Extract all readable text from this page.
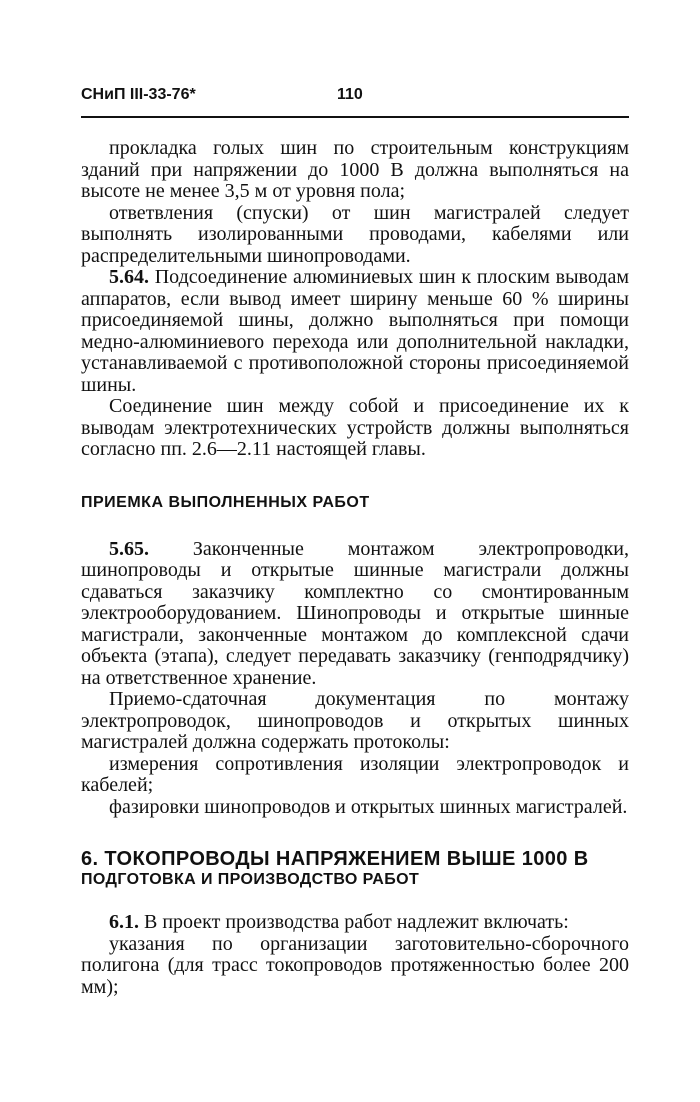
СНиП III-33-76*	110

прокладка голых шин по строительным конструкциям зданий при напряжении до 1000 В должна выполняться на высоте не менее 3,5 м от уровня пола;

ответвления (спуски) от шин магистралей следует выполнять изолированными проводами, кабелями или распределительными шинопроводами.

5.64. Подсоединение алюминиевых шин к плоским выводам аппаратов, если вывод имеет ширину меньше 60 % ширины присоединяемой шины, должно выполняться при помощи медно-алюминиевого перехода или дополнительной накладки, устанавливаемой с противоположной стороны присоединяемой шины.

Соединение шин между собой и присоединение их к выводам электротехнических устройств должны выполняться согласно пп. 2.6—2.11 настоящей главы.

ПРИЕМКА ВЫПОЛНЕННЫХ РАБОТ

5.65. Законченные монтажом электропроводки, шинопроводы и открытые шинные магистрали должны сдаваться заказчику комплектно со смонтированным электрооборудованием. Шинопроводы и открытые шинные магистрали, законченные монтажом до комплексной сдачи объекта (этапа), следует передавать заказчику (генподрядчику) на ответственное хранение.

Приемо-сдаточная документация по монтажу электропроводок, шинопроводов и открытых шинных магистралей должна содержать протоколы:

измерения сопротивления изоляции электропроводок и кабелей;

фазировки шинопроводов и открытых шинных магистралей.

6. ТОКОПРОВОДЫ НАПРЯЖЕНИЕМ ВЫШЕ 1000 В
ПОДГОТОВКА И ПРОИЗВОДСТВО РАБОТ

6.1. В проект производства работ надлежит включать:

указания по организации заготовительно-сборочного полигона (для трасс токопроводов протяженностью более 200 мм);
